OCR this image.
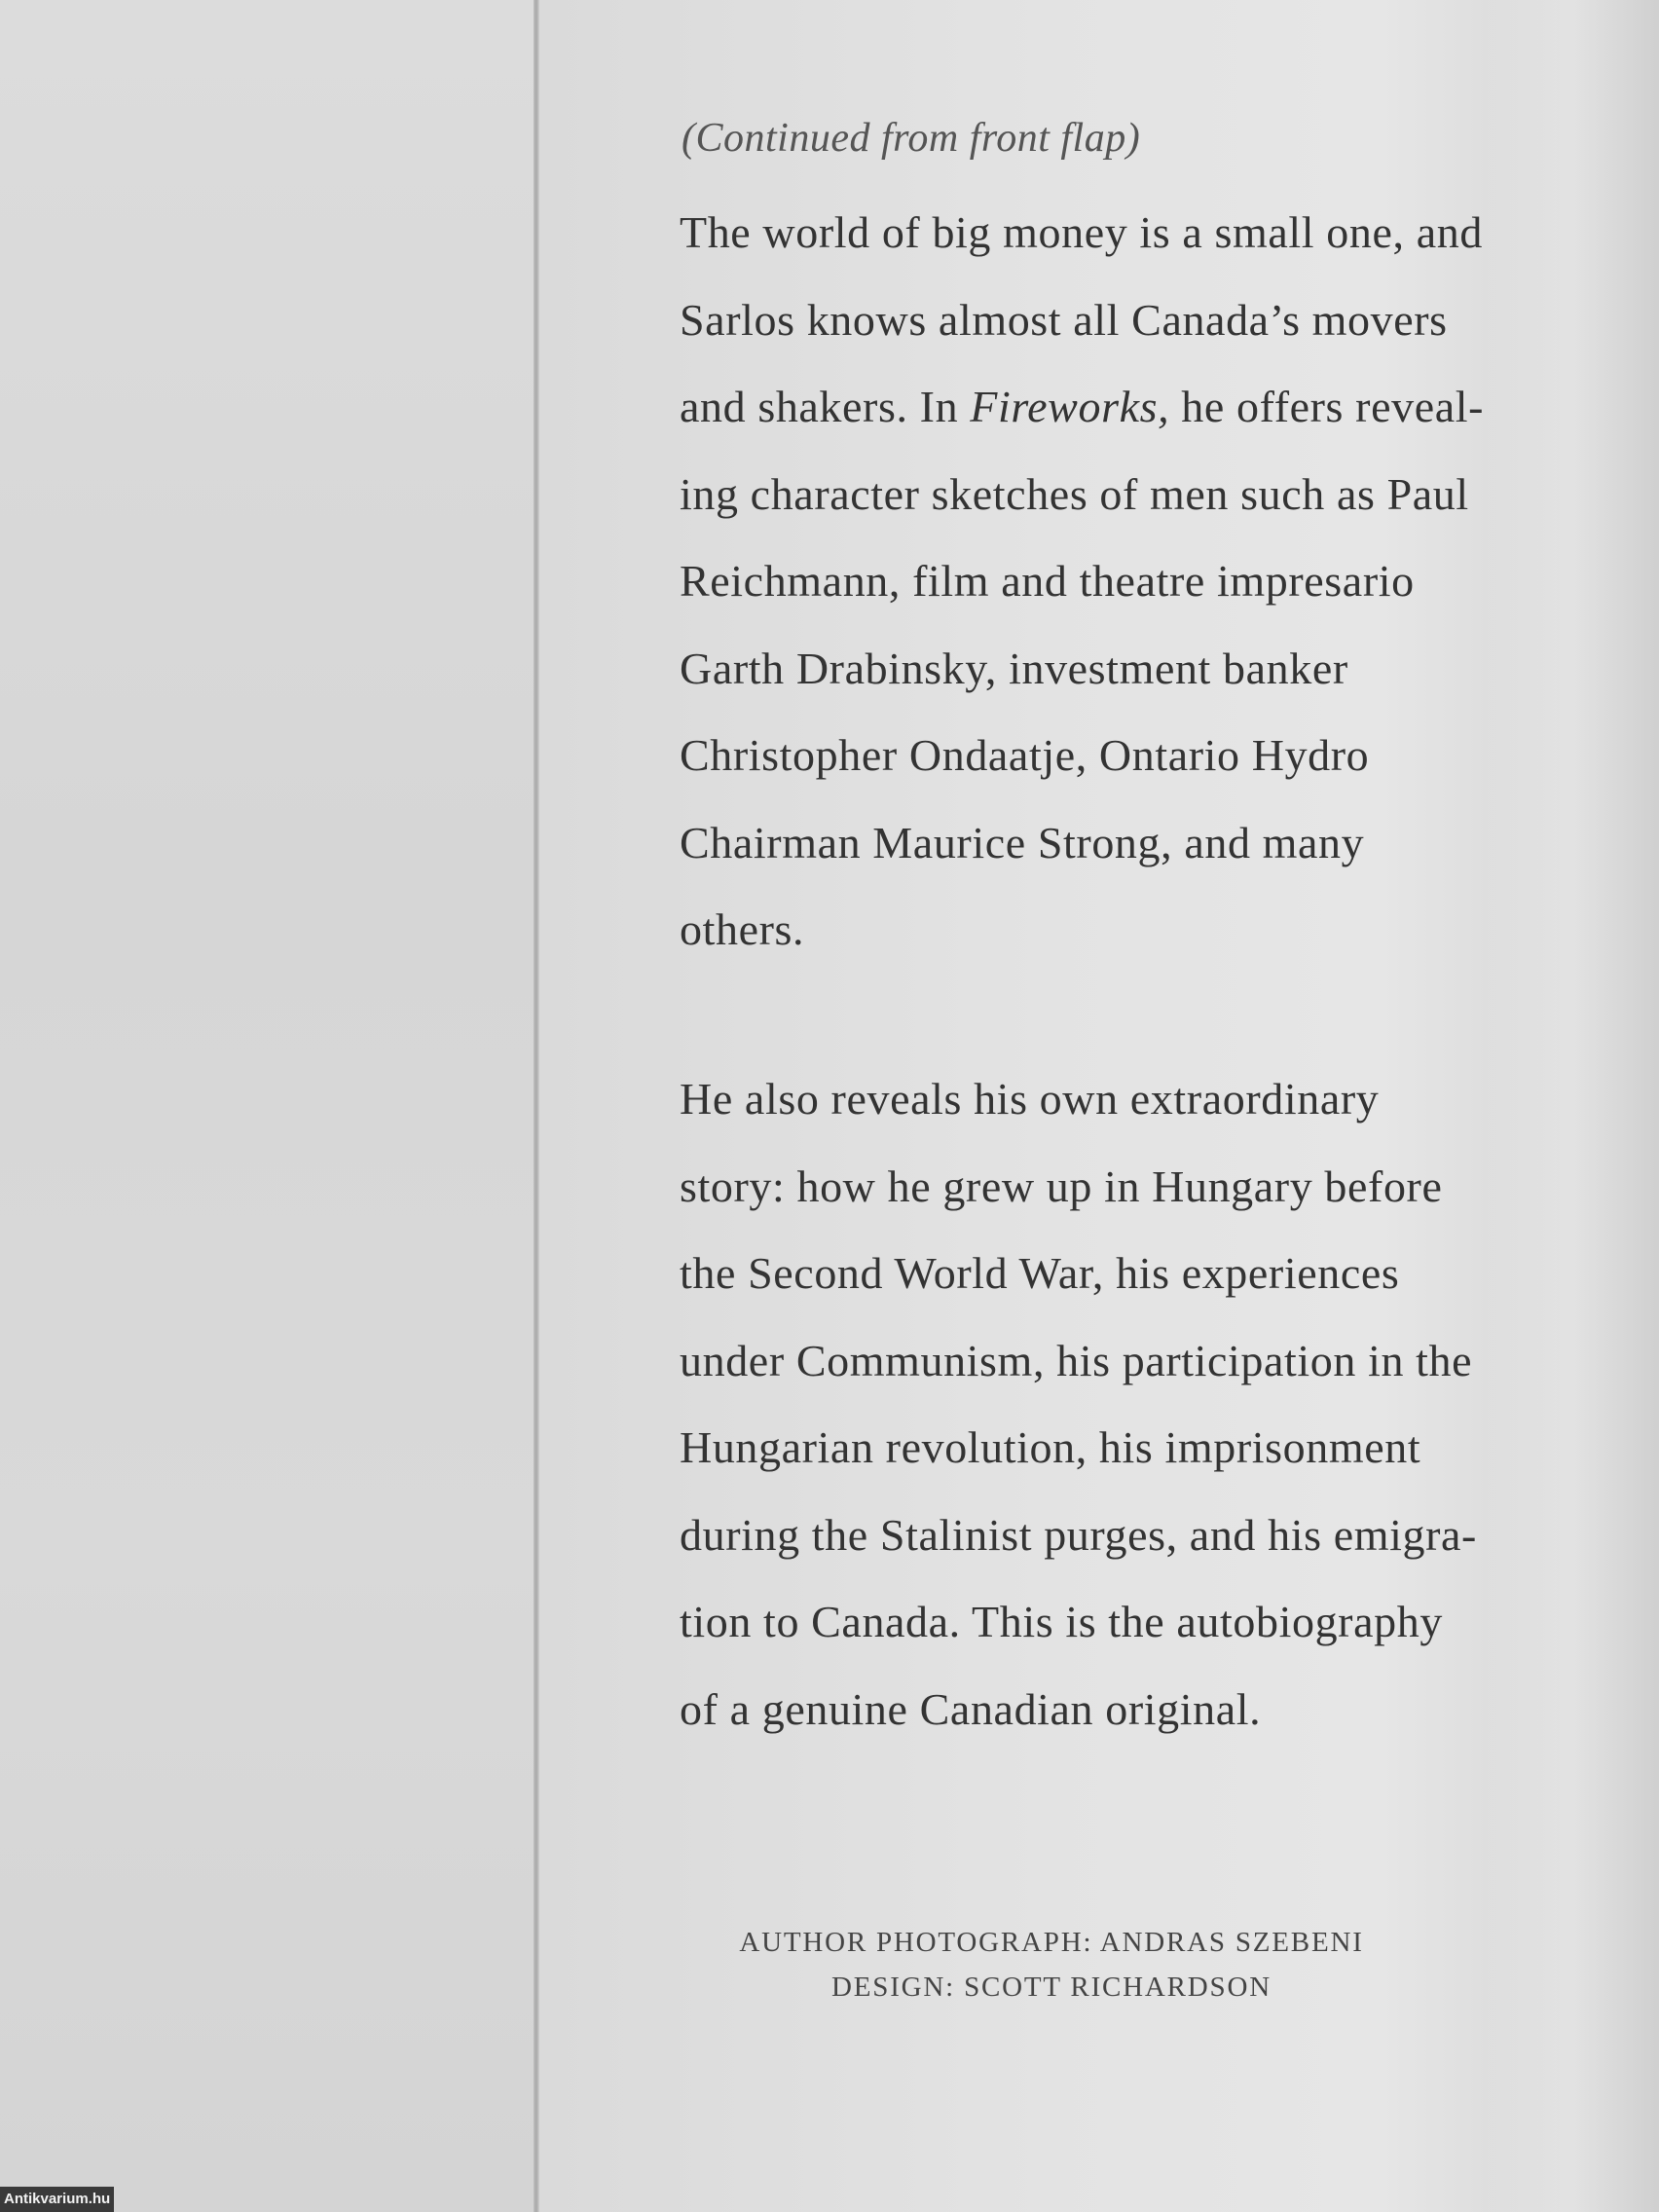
(Continued from front flap)
The world of big money is a small one, and
Sarlos knows almost all Canada’s movers
and shakers. In Fireworks, he offers reveal-
ing character sketches of men such as Paul
Reichmann, film and theatre impresario
Garth Drabinsky, investment banker
Christopher Ondaatje, Ontario Hydro
Chairman Maurice Strong, and many
others.
He also reveals his own extraordinary
story: how he grew up in Hungary before
the Second World War, his experiences
under Communism, his participation in the
Hungarian revolution, his imprisonment
during the Stalinist purges, and his emigra-
tion to Canada. This is the autobiography
of a genuine Canadian original.
AUTHOR PHOTOGRAPH: ANDRAS SZEBENI
DESIGN: SCOTT RICHARDSON
Antikvarium.hu
